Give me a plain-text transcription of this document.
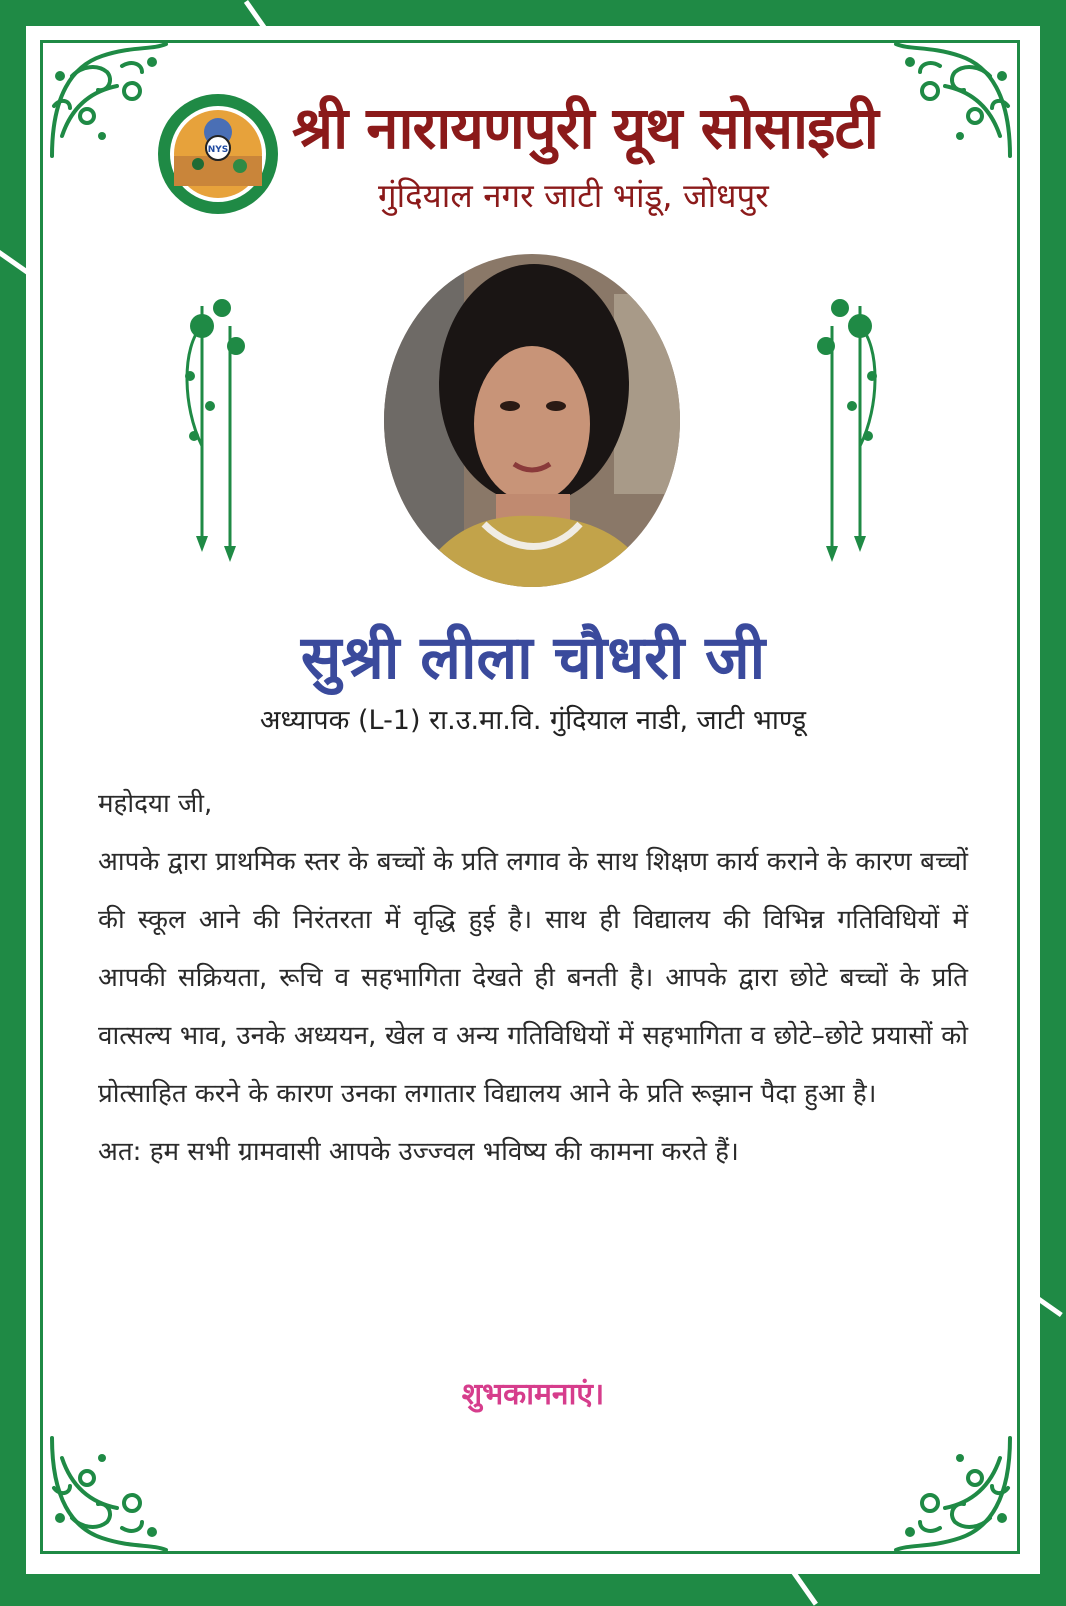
NYS श्री नारायणपुरी यूथ सोसाइटी
गुंदियाल नगर जाटी भांडू, जोधपुर
सुश्री लीला चौधरी जी
अध्यापक (L-1) रा.उ.मा.वि. गुंदियाल नाडी, जाटी भाण्डू

महोदया जी,

आपके द्वारा प्राथमिक स्तर के बच्चों के प्रति लगाव के साथ शिक्षण कार्य कराने के कारण बच्चों की स्कूल आने की निरंतरता में वृद्धि हुई है। साथ ही विद्यालय की विभिन्न गतिविधियों में आपकी सक्रियता, रूचि व सहभागिता देखते ही बनती है। आपके द्वारा छोटे बच्चों के प्रति वात्सल्य भाव, उनके अध्ययन, खेल व अन्य गतिविधियों में सहभागिता व छोटे–छोटे प्रयासों को प्रोत्साहित करने के कारण उनका लगातार विद्यालय आने के प्रति रूझान पैदा हुआ है।

अत: हम सभी ग्रामवासी आपके उज्ज्वल भविष्य की कामना करते हैं।

शुभकामनाएं।
